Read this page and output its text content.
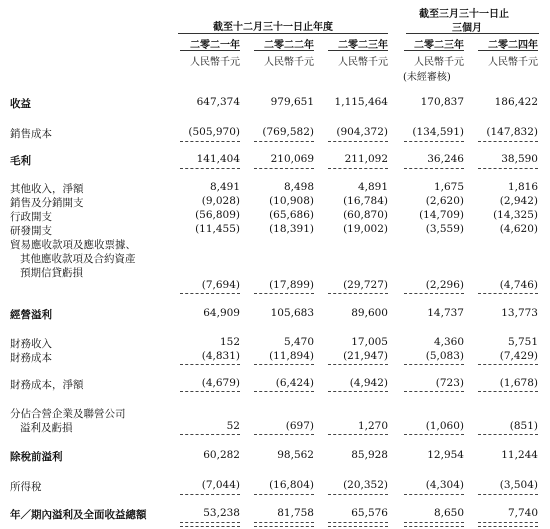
截至十二月三十一日止年度
截至三月三十一日止
三個月
二零二一年	二零二二年	二零二三年	二零二三年	二零二四年
人民幣千元	人民幣千元	人民幣千元	人民幣千元	人民幣千元
(未經審核)
收益	647,374	979,651	1,115,464	170,837	186,422
銷售成本	(505,970)	(769,582)	(904,372)	(134,591)	(147,832)
毛利	141,404	210,069	211,092	36,246	38,590
其他收入，淨額	8,491	8,498	4,891	1,675	1,816
銷售及分銷開支	(9,028)	(10,908)	(16,784)	(2,620)	(2,942)
行政開支	(56,809)	(65,686)	(60,870)	(14,709)	(14,325)
研發開支	(11,455)	(18,391)	(19,002)	(3,559)	(4,620)
貿易應收款項及應收票據、
其他應收款項及合約資產
預期信貸虧損
(7,694)	(17,899)	(29,727)	(2,296)	(4,746)
經營溢利	64,909	105,683	89,600	14,737	13,773
財務收入	152	5,470	17,005	4,360	5,751
財務成本	(4,831)	(11,894)	(21,947)	(5,083)	(7,429)
財務成本，淨額	(4,679)	(6,424)	(4,942)	(723)	(1,678)
分佔合營企業及聯營公司
溢利及虧損	52	(697)	1,270	(1,060)	(851)
除稅前溢利	60,282	98,562	85,928	12,954	11,244
所得稅	(7,044)	(16,804)	(20,352)	(4,304)	(3,504)
年／期內溢利及全面收益總額	53,238	81,758	65,576	8,650	7,740
